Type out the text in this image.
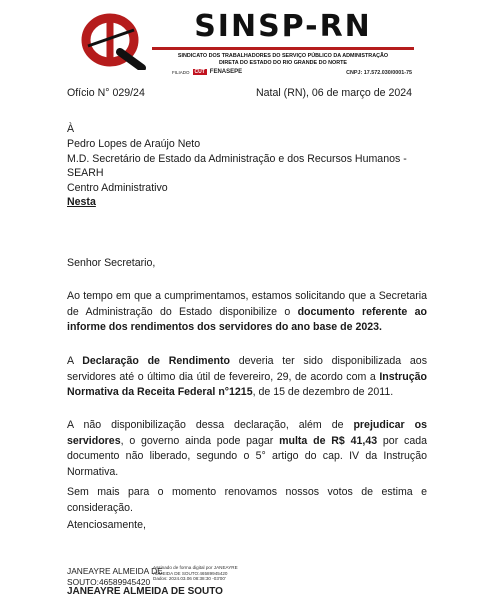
SINSP-RN
SINDICATO DOS TRABALHADORES DO SERVIÇO PÚBLICO DA ADMINISTRAÇÃO
DIRETA DO ESTADO DO RIO GRANDE DO NORTE
FILIADO	CUT FENASEPE	CNPJ: 17.572.030/0001-75
Ofício N° 029/24	Natal (RN), 06 de março de 2024
À
Pedro Lopes de Araújo Neto
M.D. Secretário de Estado da Administração e dos Recursos Humanos -
SEARH
Centro Administrativo
Nesta
Senhor Secretario,
Ao tempo em que a cumprimentamos, estamos solicitando que a Secretaria de Administração do Estado disponibilize o documento referente ao informe dos rendimentos dos servidores do ano base de 2023.
A Declaração de Rendimento deveria ter sido disponibilizada aos servidores até o último dia útil de fevereiro, 29, de acordo com a Instrução Normativa da Receita Federal n°1215, de 15 de dezembro de 2011.
A não disponibilização dessa declaração, além de prejudicar os servidores, o governo ainda pode pagar multa de R$ 41,43 por cada documento não liberado, segundo o 5° artigo do cap. IV da Instrução Normativa.
Sem mais para o momento renovamos nossos votos de estima e consideração.
Atenciosamente,
JANEAYRE ALMEIDA DE
SOUTO:46589945420
Assinado de forma digital por JANEAYRE
ALMEIDA DE SOUTO:46589945420
Dados: 2024.03.06 08:38:30 -03'00'
JANEAYRE ALMEIDA DE SOUTO
